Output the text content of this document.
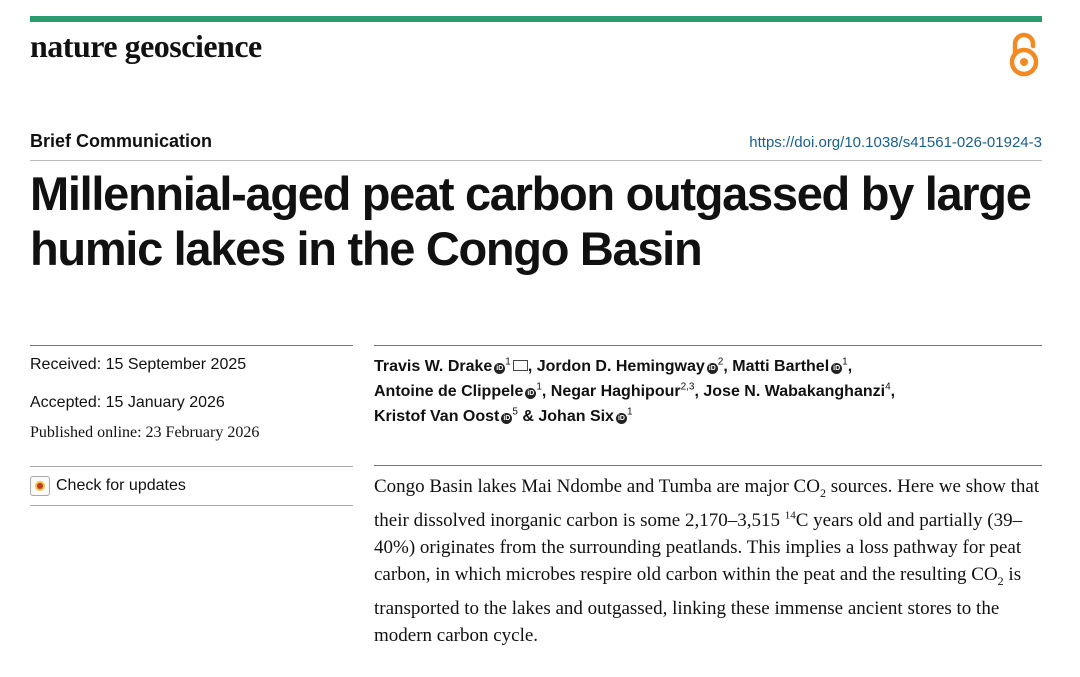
nature geoscience
Brief Communication	https://doi.org/10.1038/s41561-026-01924-3
Millennial-aged peat carbon outgassed by large humic lakes in the Congo Basin
Received: 15 September 2025
Accepted: 15 January 2026
Published online: 23 February 2026
Check for updates
Travis W. Drake $iD^1$ , Jordon D. Hemingway $iD^2$, Matti Barthel $iD^1$,
Antoine de Clippele $iD^1$, Negar Haghipour$^{2,3}$, Jose N. Wabakanghanzi$^4$,
Kristof Van Oost $iD^5$ & Johan Six $iD^1$

Congo Basin lakes Mai Ndombe and Tumba are major $CO_2$ sources. Here we show that their dissolved inorganic carbon is some 2,170–3,515 $^{14}$C years old and partially (39–40%) originates from the surrounding peatlands. This implies a loss pathway for peat carbon, in which microbes respire old carbon within the peat and the resulting $CO_2$ is transported to the lakes and outgassed, linking these immense ancient stores to the modern carbon cycle.
